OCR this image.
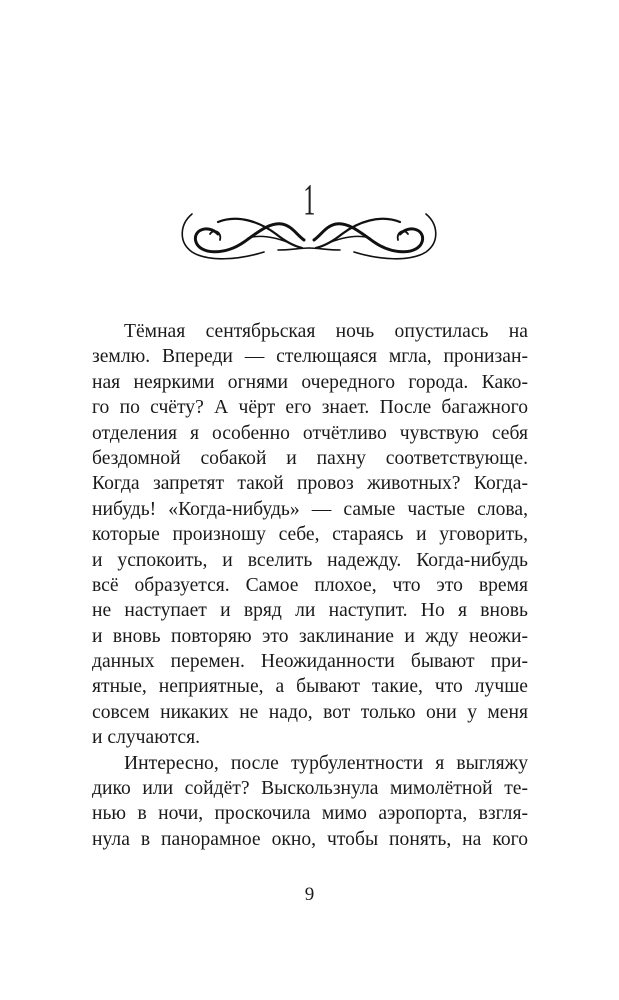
1
Тёмная сентябрьская ночь опустилась на
землю. Впереди — стелющаяся мгла, пронизан-
ная неяркими огнями очередного города. Како-
го по счёту? А чёрт его знает. После багажного
отделения я особенно отчётливо чувствую себя
бездомной собакой и пахну соответствующе.
Когда запретят такой провоз животных? Когда-
нибудь! «Когда-нибудь» — самые частые слова,
которые произношу себе, стараясь и уговорить,
и успокоить, и вселить надежду. Когда-нибудь
всё образуется. Самое плохое, что это время
не наступает и вряд ли наступит. Но я вновь
и вновь повторяю это заклинание и жду неожи-
данных перемен. Неожиданности бывают при-
ятные, неприятные, а бывают такие, что лучше
совсем никаких не надо, вот только они у меня
и случаются.
Интересно, после турбулентности я выгляжу
дико или сойдёт? Выскользнула мимолётной те-
нью в ночи, проскочила мимо аэропорта, взгля-
нула в панорамное окно, чтобы понять, на кого
9
